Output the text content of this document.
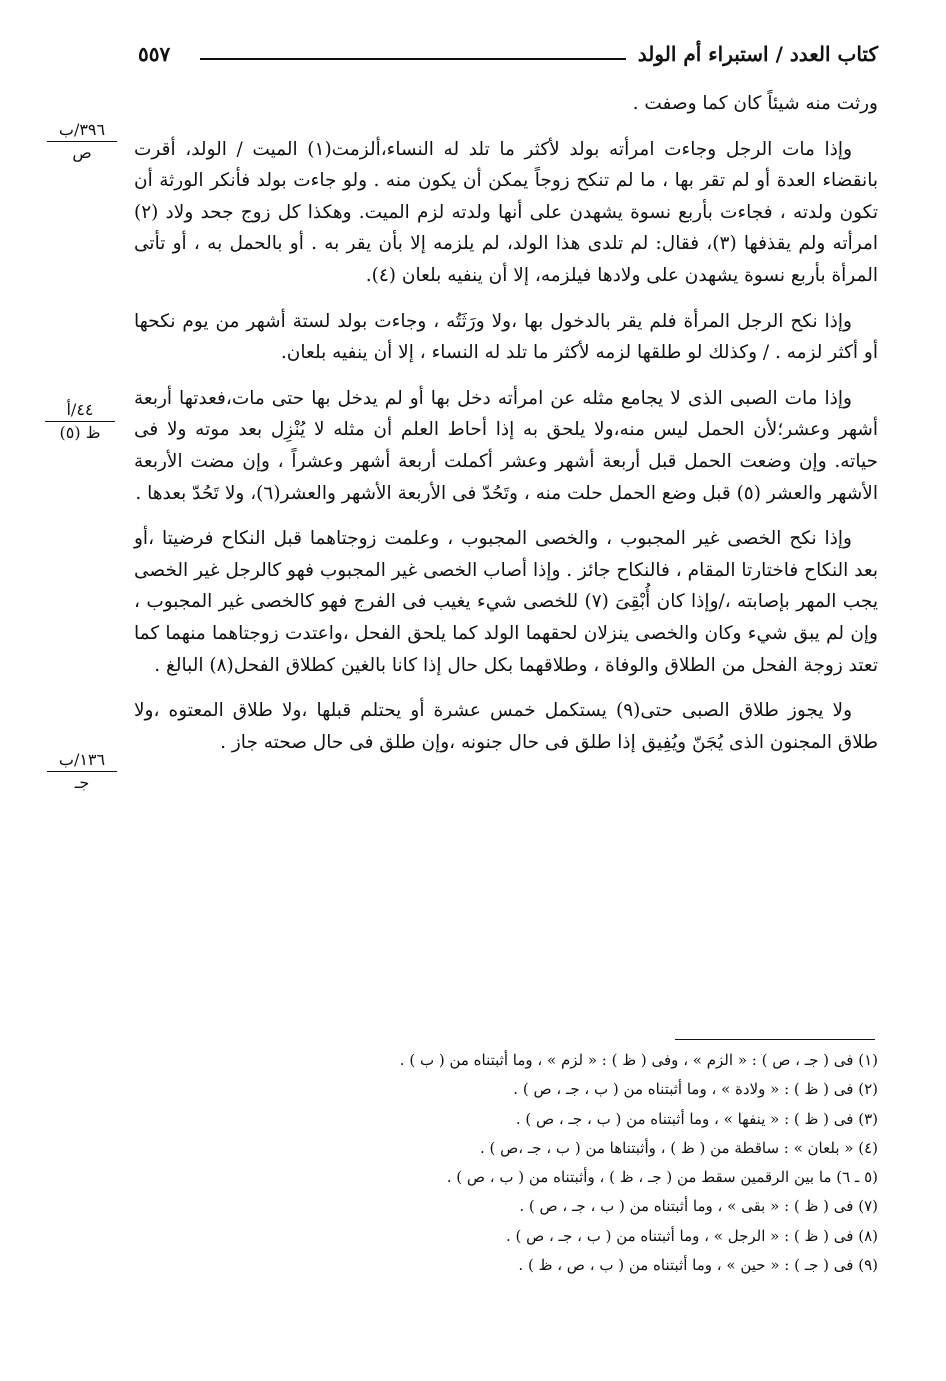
٥٥٧	كتاب العدد / استبراء أم الولد
٣٩٦/ب
ص
٤٤/أ
ظ (٥)
١٣٦/ب
جـ

ورثت منه شيئاً كان كما وصفت .

وإذا مات الرجل وجاءت امرأته بولد لأكثر ما تلد له النساء،ألزمت(١) الميت / الولد، أقرت بانقضاء العدة أو لم تقر بها ، ما لم تنكح زوجاً يمكن أن يكون منه . ولو جاءت بولد فأنكر الورثة أن تكون ولدته ، فجاءت بأربع نسوة يشهدن على أنها ولدته لزم الميت. وهكذا كل زوج جحد ولاد (٢) امرأته ولم يقذفها (٣)، فقال: لم تلدى هذا الولد، لم يلزمه إلا بأن يقر به . أو بالحمل به ، أو تأتى المرأة بأربع نسوة يشهدن على ولادها فيلزمه، إلا أن ينفيه بلعان (٤).

وإذا نكح الرجل المرأة فلم يقر بالدخول بها ،ولا ورَثَتُه ، وجاءت بولد لستة أشهر من يوم نكحها أو أكثر لزمه . / وكذلك لو طلقها لزمه لأكثر ما تلد له النساء ، إلا أن ينفيه بلعان.

وإذا مات الصبى الذى لا يجامع مثله عن امرأته دخل بها أو لم يدخل بها حتى مات،فعدتها أربعة أشهر وعشر؛لأن الحمل ليس منه،ولا يلحق به إذا أحاط العلم أن مثله لا يُنْزِل بعد موته ولا فى حياته. وإن وضعت الحمل قبل أربعة أشهر وعشر أكملت أربعة أشهر وعشراً ، وإن مضت الأربعة الأشهر والعشر (٥) قبل وضع الحمل حلت منه ، وتَحُدّ فى الأربعة الأشهر والعشر(٦)، ولا تَحُدّ بعدها .

وإذا نكح الخصى غير المجبوب ، والخصى المجبوب ، وعلمت زوجتاهما قبل النكاح فرضيتا ،أو بعد النكاح فاختارتا المقام ، فالنكاح جائز . وإذا أصاب الخصى غير المجبوب فهو كالرجل غير الخصى يجب المهر بإصابته ،/وإذا كان أُبْقِىَ (٧) للخصى شيء يغيب فى الفرج فهو كالخصى غير المجبوب ، وإن لم يبق شيء وكان والخصى ينزلان لحقهما الولد كما يلحق الفحل ،واعتدت زوجتاهما منهما كما تعتد زوجة الفحل من الطلاق والوفاة ، وطلاقهما بكل حال إذا كانا بالغين كطلاق الفحل(٨) البالغ .

ولا يجوز طلاق الصبى حتى(٩) يستكمل خمس عشرة أو يحتلم قبلها ،ولا طلاق المعتوه ،ولا طلاق المجنون الذى يُجَنّ ويُفِيق إذا طلق فى حال جنونه ،وإن طلق فى حال صحته جاز .

(١) فى ( جـ ، ص ) : « الزم » ، وفى ( ظ ) : « لزم » ، وما أثبتناه من ( ب ) .
(٢) فى ( ظ ) : « ولادة » ، وما أثبتناه من ( ب ، جـ ، ص ) .
(٣) فى ( ظ ) : « ينفها » ، وما أثبتناه من ( ب ، جـ ، ص ) .
(٤) « بلعان » : ساقطة من ( ظ ) ، وأثبتناها من ( ب ، جـ ،ص ) .
(٥ ـ ٦) ما بين الرقمين سقط من ( جـ ، ظ ) ، وأثبتناه من ( ب ، ص ) .
(٧) فى ( ظ ) : « بقى » ، وما أثبتناه من ( ب ، جـ ، ص ) .
(٨) فى ( ظ ) : « الرجل » ، وما أثبتناه من ( ب ، جـ ، ص ) .
(٩) فى ( جـ ) : « حين » ، وما أثبتناه من ( ب ، ص ، ظ ) .
